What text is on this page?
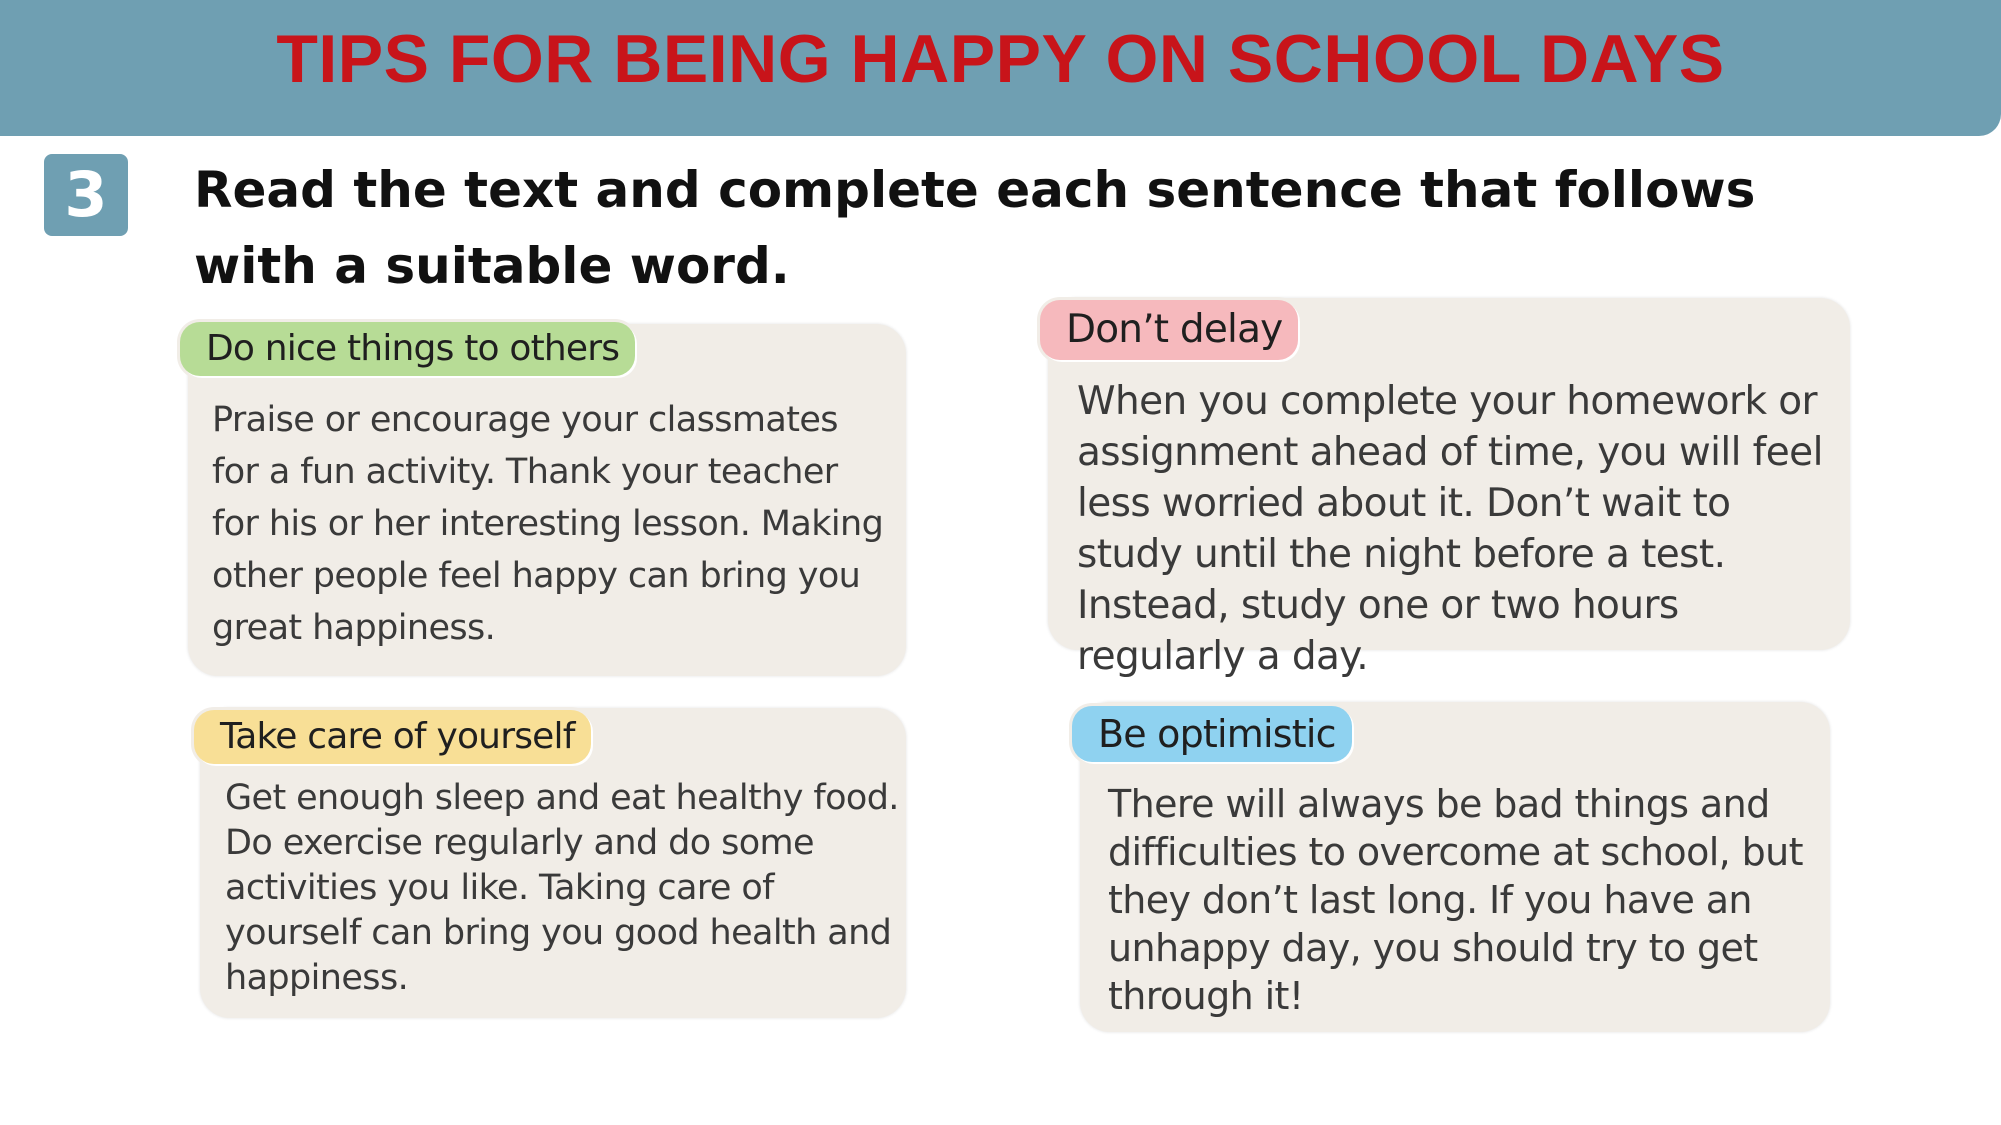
TIPS FOR BEING HAPPY ON SCHOOL DAYS
3	Read the text and complete each sentence that follows with a suitable word.

Praise or encourage your classmates for a fun activity. Thank your teacher for his or her interesting lesson. Making other people feel happy can bring you great happiness.

Do nice things to others

When you complete your homework or assignment ahead of time, you will feel less worried about it. Don’t wait to study until the night before a test. Instead, study one or two hours regularly a day.

Don’t delay

Get enough sleep and eat healthy food. Do exercise regularly and do some activities you like. Taking care of yourself can bring you good health and happiness.

Take care of yourself

There will always be bad things and difficulties to overcome at school, but they don’t last long. If you have an unhappy day, you should try to get through it!

Be optimistic
